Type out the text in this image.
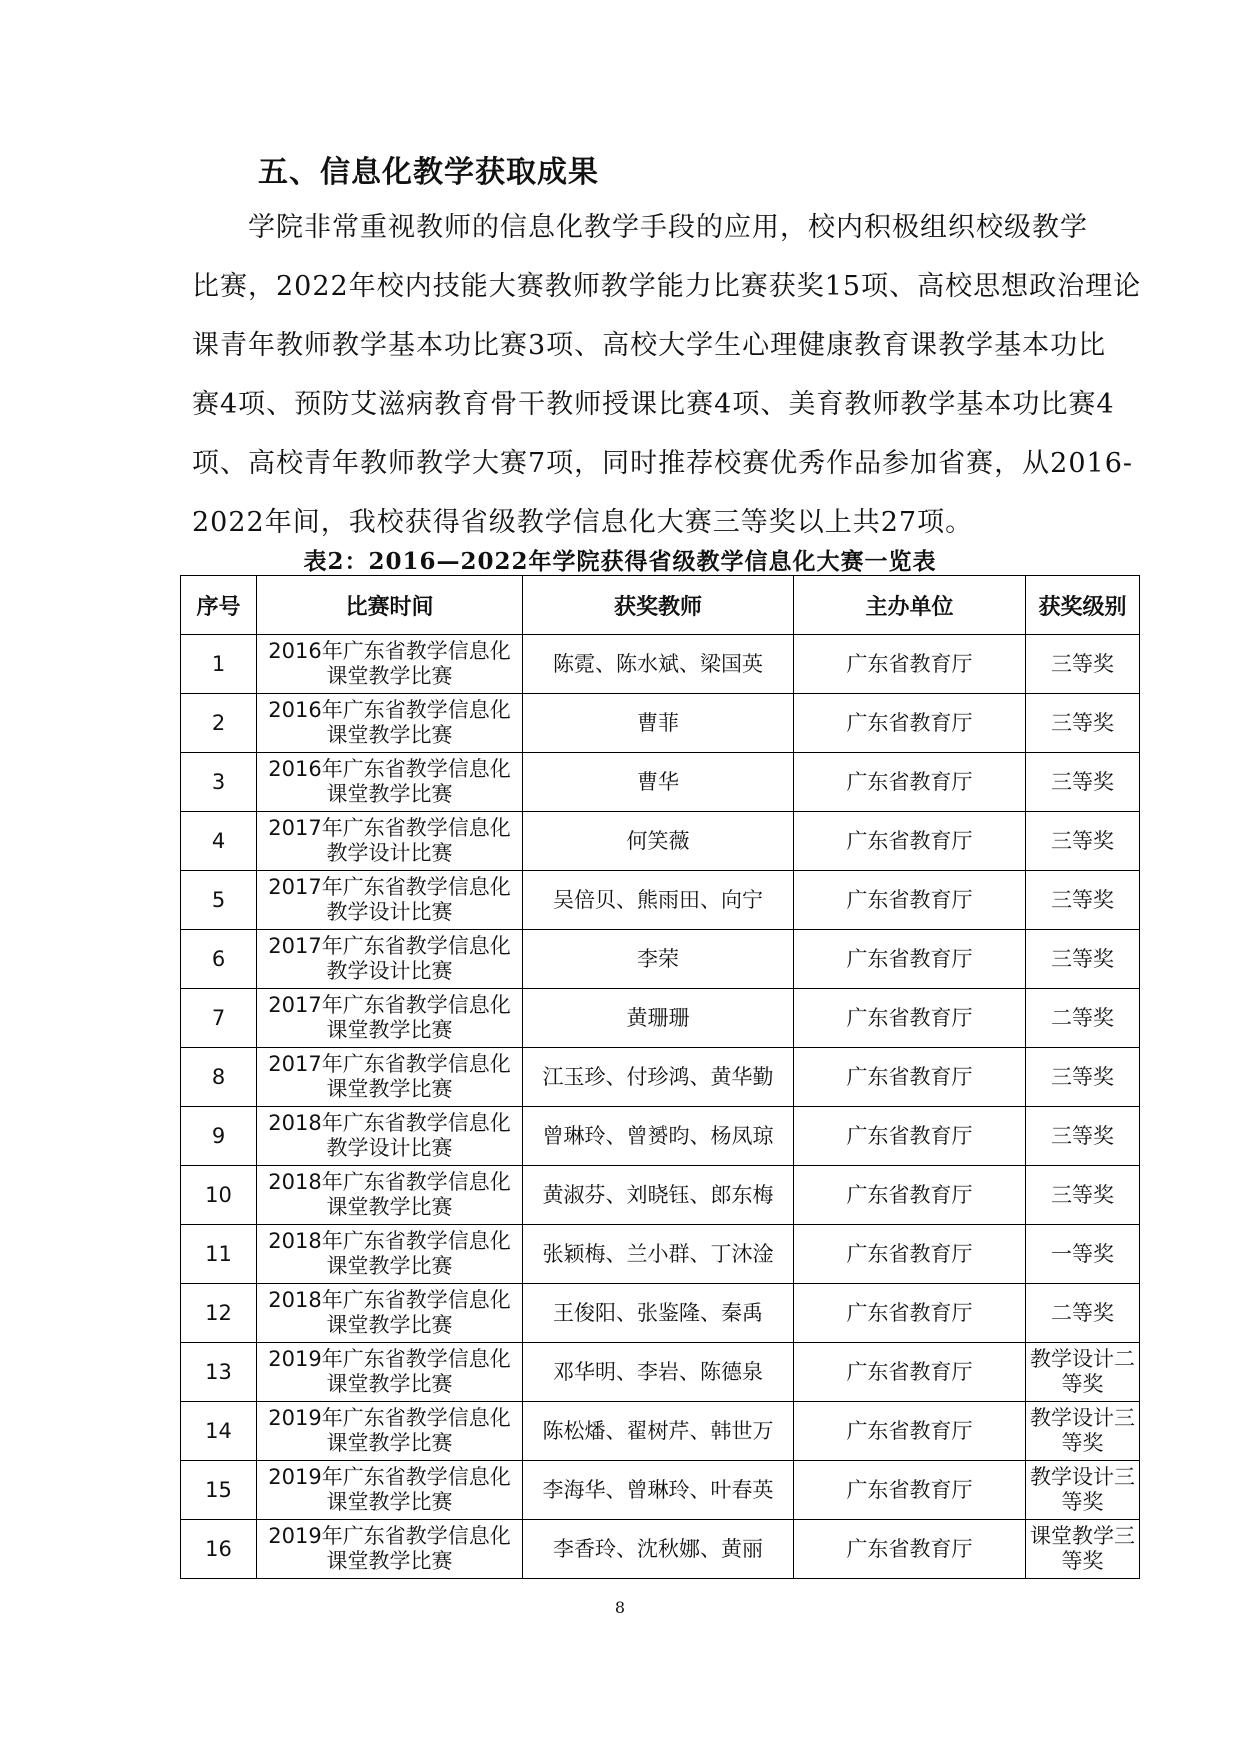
五、信息化教学获取成果
学院非常重视教师的信息化教学手段的应用，校内积极组织校级教学
比赛，2022年校内技能大赛教师教学能力比赛获奖15项、高校思想政治理论
课青年教师教学基本功比赛3项、高校大学生心理健康教育课教学基本功比
赛4项、预防艾滋病教育骨干教师授课比赛4项、美育教师教学基本功比赛4
项、高校青年教师教学大赛7项，同时推荐校赛优秀作品参加省赛，从2016-
2022年间，我校获得省级教学信息化大赛三等奖以上共27项。
表2：2016—2022年学院获得省级教学信息化大赛一览表
序号	比赛时间	获奖教师	主办单位	获奖级别
1	2016年广东省教学信息化
课堂教学比赛	陈霓、陈水斌、梁国英	广东省教育厅	三等奖
2	2016年广东省教学信息化
课堂教学比赛	曹菲	广东省教育厅	三等奖
3	2016年广东省教学信息化
课堂教学比赛	曹华	广东省教育厅	三等奖
4	2017年广东省教学信息化
教学设计比赛	何笑薇	广东省教育厅	三等奖
5	2017年广东省教学信息化
教学设计比赛	吴倍贝、熊雨田、向宁	广东省教育厅	三等奖
6	2017年广东省教学信息化
教学设计比赛	李荣	广东省教育厅	三等奖
7	2017年广东省教学信息化
课堂教学比赛	黄珊珊	广东省教育厅	二等奖
8	2017年广东省教学信息化
课堂教学比赛	江玉珍、付珍鸿、黄华勤	广东省教育厅	三等奖
9	2018年广东省教学信息化
教学设计比赛	曾琳玲、曾赟昀、杨凤琼	广东省教育厅	三等奖
10	2018年广东省教学信息化
课堂教学比赛	黄淑芬、刘晓钰、郎东梅	广东省教育厅	三等奖
11	2018年广东省教学信息化
课堂教学比赛	张颖梅、兰小群、丁沐淦	广东省教育厅	一等奖
12	2018年广东省教学信息化
课堂教学比赛	王俊阳、张鉴隆、秦禹	广东省教育厅	二等奖
13	2019年广东省教学信息化
课堂教学比赛	邓华明、李岩、陈德泉	广东省教育厅	教学设计二
等奖
14	2019年广东省教学信息化
课堂教学比赛	陈松燔、翟树芹、韩世万	广东省教育厅	教学设计三
等奖
15	2019年广东省教学信息化
课堂教学比赛	李海华、曾琳玲、叶春英	广东省教育厅	教学设计三
等奖
16	2019年广东省教学信息化
课堂教学比赛	李香玲、沈秋娜、黄丽	广东省教育厅	课堂教学三
等奖
8
